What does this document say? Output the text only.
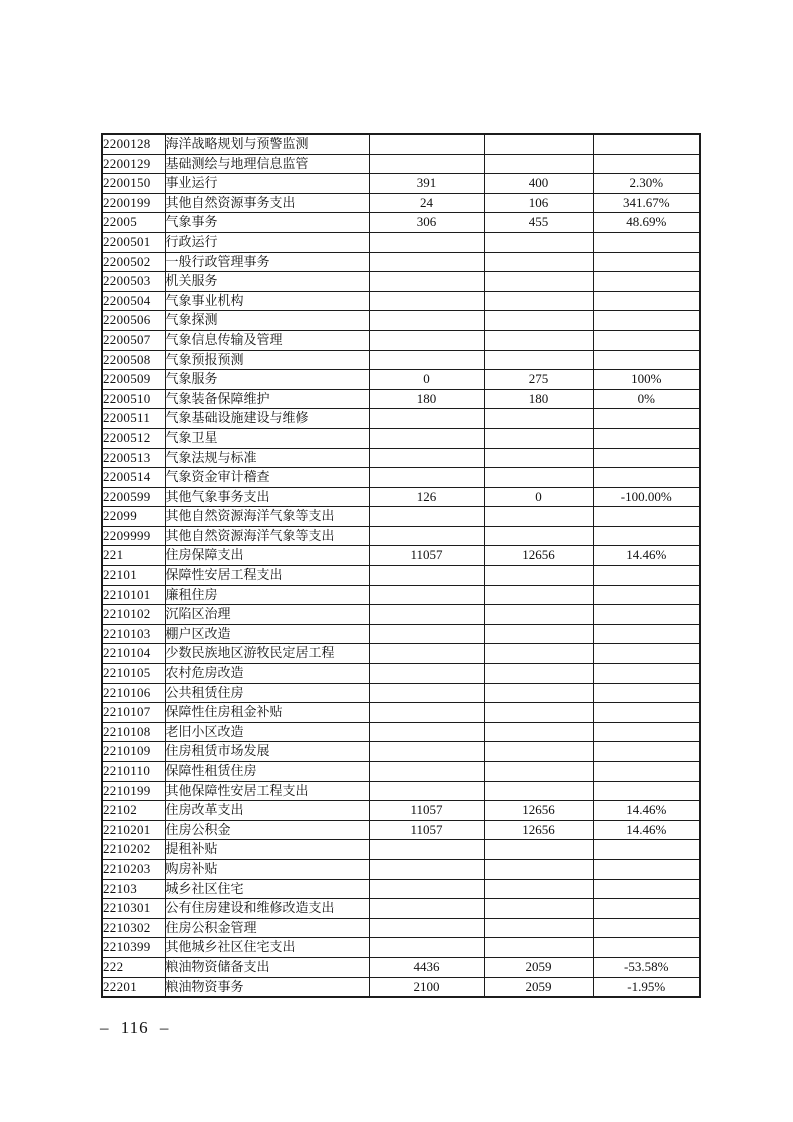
2200128	海洋战略规划与预警监测			
2200129	基础测绘与地理信息监管			
2200150	事业运行	391	400	2.30%
2200199	其他自然资源事务支出	24	106	341.67%
22005	气象事务	306	455	48.69%
2200501	行政运行			
2200502	一般行政管理事务			
2200503	机关服务			
2200504	气象事业机构			
2200506	气象探测			
2200507	气象信息传输及管理			
2200508	气象预报预测			
2200509	气象服务	0	275	100%
2200510	气象装备保障维护	180	180	0%
2200511	气象基础设施建设与维修			
2200512	气象卫星			
2200513	气象法规与标准			
2200514	气象资金审计稽查			
2200599	其他气象事务支出	126	0	-100.00%
22099	其他自然资源海洋气象等支出			
2209999	其他自然资源海洋气象等支出			
221	住房保障支出	11057	12656	14.46%
22101	保障性安居工程支出			
2210101	廉租住房			
2210102	沉陷区治理			
2210103	棚户区改造			
2210104	少数民族地区游牧民定居工程			
2210105	农村危房改造			
2210106	公共租赁住房			
2210107	保障性住房租金补贴			
2210108	老旧小区改造			
2210109	住房租赁市场发展			
2210110	保障性租赁住房			
2210199	其他保障性安居工程支出			
22102	住房改革支出	11057	12656	14.46%
2210201	住房公积金	11057	12656	14.46%
2210202	提租补贴			
2210203	购房补贴			
22103	城乡社区住宅			
2210301	公有住房建设和维修改造支出			
2210302	住房公积金管理			
2210399	其他城乡社区住宅支出			
222	粮油物资储备支出	4436	2059	-53.58%
22201	粮油物资事务	2100	2059	-1.95%
– 116 –
